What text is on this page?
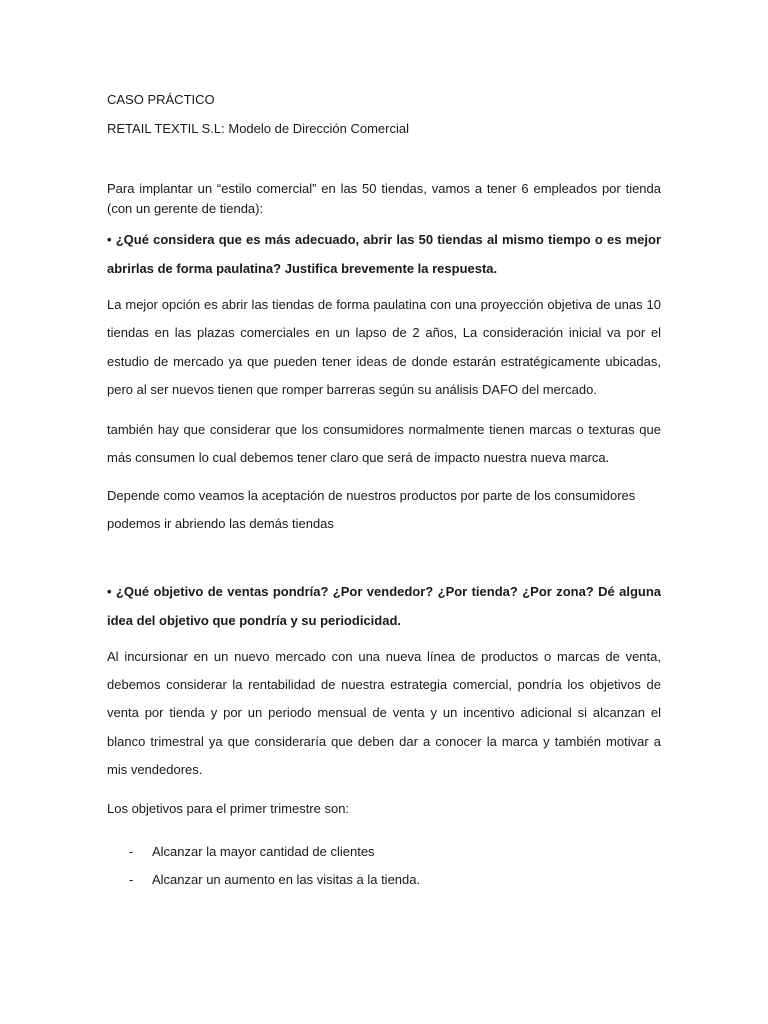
CASO PRÁCTICO

RETAIL TEXTIL S.L: Modelo de Dirección Comercial

Para implantar un “estilo comercial” en las 50 tiendas, vamos a tener 6 empleados por tienda (con un gerente de tienda):

• ¿Qué considera que es más adecuado, abrir las 50 tiendas al mismo tiempo o es mejor abrirlas de forma paulatina? Justifica brevemente la respuesta.

La mejor opción es abrir las tiendas de forma paulatina con una proyección objetiva de unas 10 tiendas en las plazas comerciales en un lapso de 2 años, La consideración inicial va por el estudio de mercado ya que pueden tener ideas de donde estarán estratégicamente ubicadas, pero al ser nuevos tienen que romper barreras según su análisis DAFO del mercado.

también hay que considerar que los consumidores normalmente tienen marcas o texturas que más consumen lo cual debemos tener claro que será de impacto nuestra nueva marca.

Depende como veamos la aceptación de nuestros productos por parte de los consumidores podemos ir abriendo las demás tiendas

• ¿Qué objetivo de ventas pondría? ¿Por vendedor? ¿Por tienda? ¿Por zona? Dé alguna idea del objetivo que pondría y su periodicidad.

Al incursionar en un nuevo mercado con una nueva línea de productos o marcas de venta, debemos considerar la rentabilidad de nuestra estrategia comercial, pondría los objetivos de venta por tienda y por un periodo mensual de venta y un incentivo adicional si alcanzan el blanco trimestral ya que consideraría que deben dar a conocer la marca y también motivar a mis vendedores.

Los objetivos para el primer trimestre son:

- Alcanzar la mayor cantidad de clientes
- Alcanzar un aumento en las visitas a la tienda.
